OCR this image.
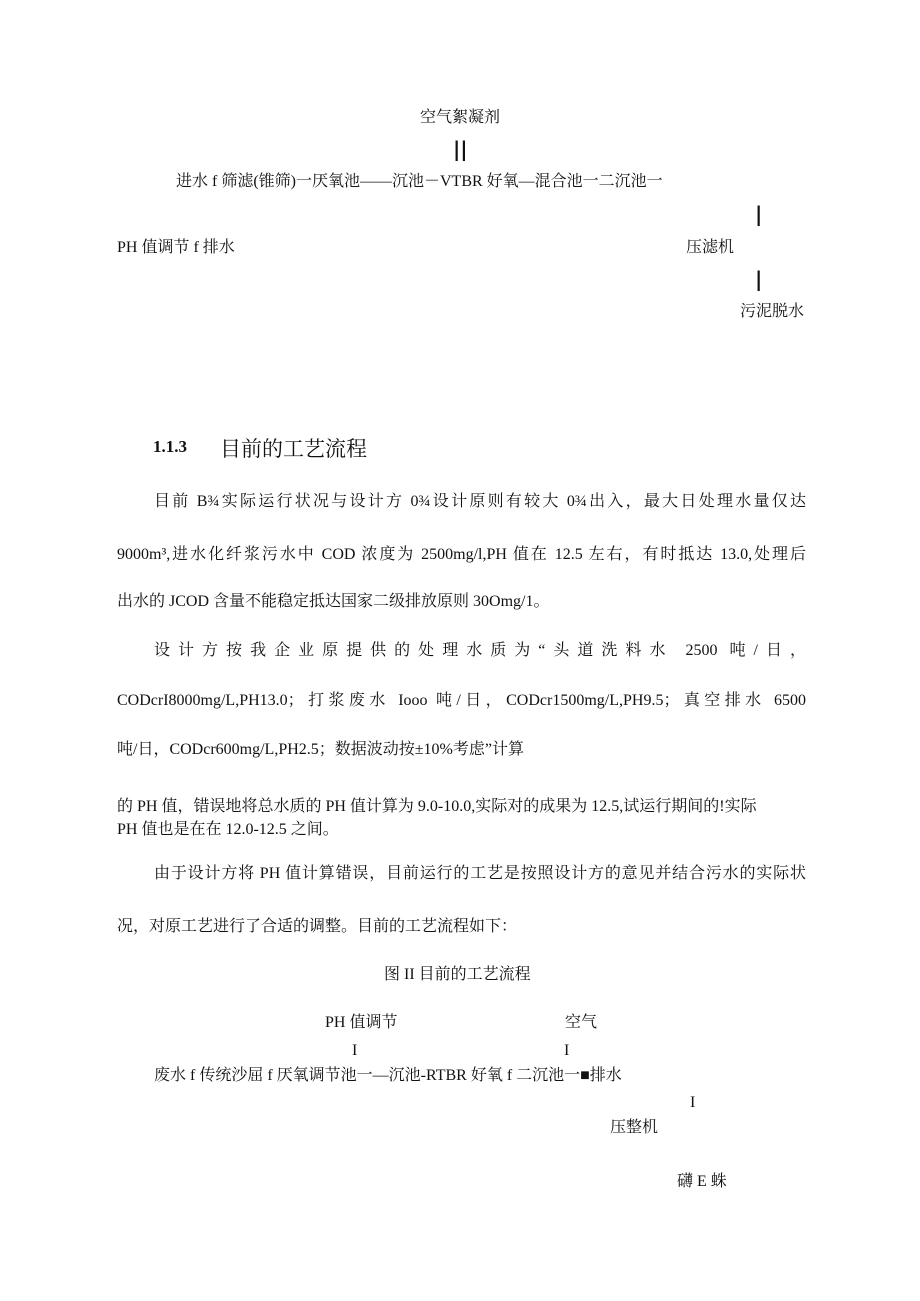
空气絮凝剂
||
进水 f 筛滤(锥筛)一厌氧池——沉池－VTBR 好氧—混合池一二沉池一
|
PH 值调节 f 排水	压滤机
|
污泥脱水
1.1.3 目前的工艺流程
目前 B¾实际运行状况与设计方 0¾设计原则有较大 0¾出入，最大日处理水量仅达
9000m³,进水化纤浆污水中 COD 浓度为 2500mg/l,PH 值在 12.5 左右，有时抵达 13.0,处理后
出水的 JCOD 含量不能稳定抵达国家二级排放原则 30Omg/1。
设计方按我企业原提供的处理水质为“头道洗料水 2500 吨/日，
CODcrI8000mg/L,PH13.0；打浆废水 Iooo 吨/日，CODcr1500mg/L,PH9.5；真空排水 6500
吨/日，CODcr600mg/L,PH2.5；数据波动按±10%考虑”计算
的 PH 值，错误地将总水质的 PH 值计算为 9.0-10.0,实际对的成果为 12.5,试运行期间的!实际
PH 值也是在在 12.0-12.5 之间。
由于设计方将 PH 值计算错误，目前运行的工艺是按照设计方的意见并结合污水的实际状
况，对原工艺进行了合适的调整。目前的工艺流程如下：
图 II 目前的工艺流程
PH 值调节	空气
I	I
废水 f 传统沙屈 f 厌氧调节池一—沉池-RTBR 好氧 f 二沉池一■排水
I
压整机
礴 E 蛛
